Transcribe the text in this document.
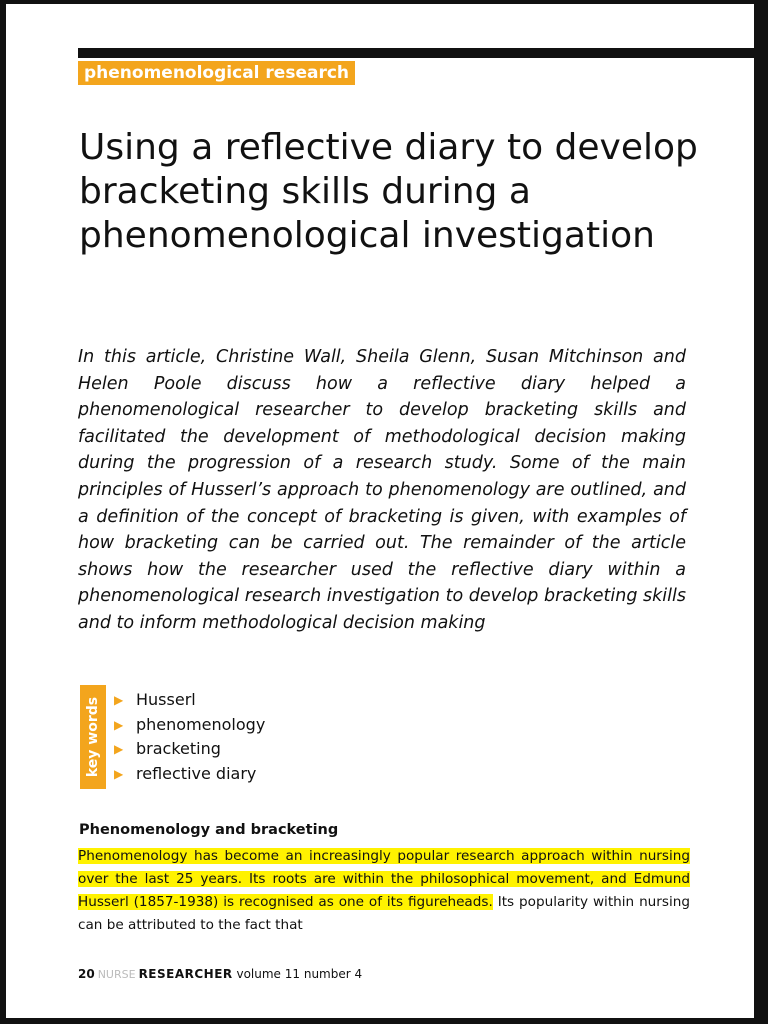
phenomenological research
Using a reflective diary to develop bracketing skills during a phenomenological investigation

In this article, Christine Wall, Sheila Glenn, Susan Mitchinson and Helen Poole discuss how a reflective diary helped a phenomenological researcher to develop bracketing skills and facilitated the development of methodological decision making during the progression of a research study. Some of the main principles of Husserl’s approach to phenomenology are outlined, and a definition of the concept of bracketing is given, with examples of how bracketing can be carried out. The remainder of the article shows how the researcher used the reflective diary within a phenomenological research investigation to develop bracketing skills and to inform methodological decision making

key words	▶ Husserl
▶ phenomenology
▶ bracketing
▶ reflective diary
Phenomenology and bracketing

Phenomenology has become an increasingly popular research approach within nursing over the last 25 years. Its roots are within the philosophical movement, and Edmund Husserl (1857-1938) is recognised as one of its figureheads. Its popularity within nursing can be attributed to the fact that

20 NURSE RESEARCHER volume 11 number 4
